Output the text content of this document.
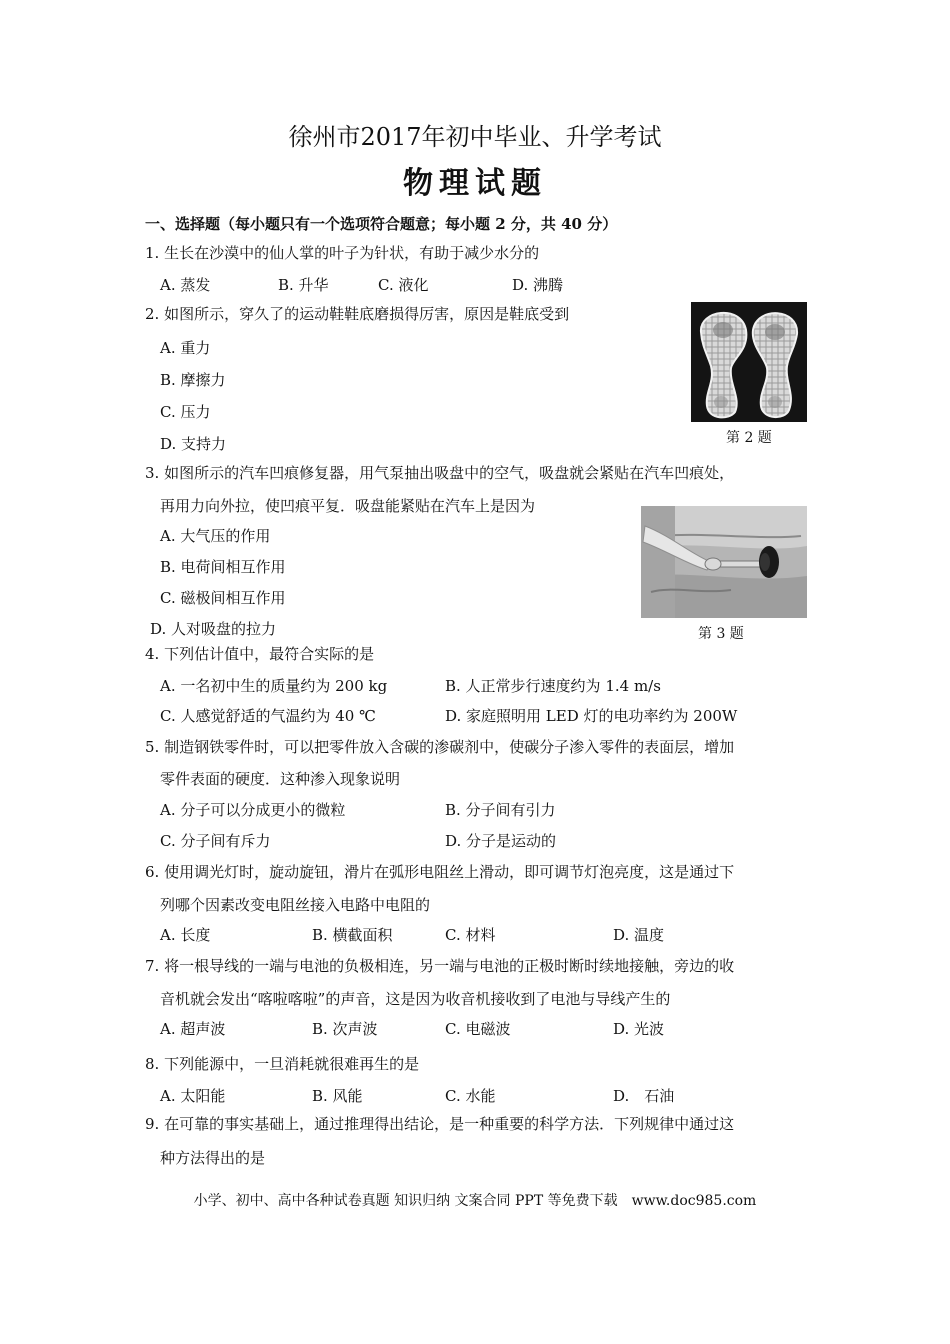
徐州市2017年初中毕业、升学考试
物理试题
一、选择题（每小题只有一个选项符合题意；每小题 2 分，共 40 分）
1. 生长在沙漠中的仙人掌的叶子为针状，有助于减少水分的
A. 蒸发	B. 升华	C. 液化	D. 沸腾
2. 如图所示，穿久了的运动鞋鞋底磨损得厉害，原因是鞋底受到
A. 重力
B. 摩擦力
C. 压力
D. 支持力	第 2 题
3. 如图所示的汽车凹痕修复器，用气泵抽出吸盘中的空气，吸盘就会紧贴在汽车凹痕处，
再用力向外拉，使凹痕平复．吸盘能紧贴在汽车上是因为
A. 大气压的作用
B. 电荷间相互作用
C. 磁极间相互作用
D. 人对吸盘的拉力	第 3 题
4. 下列估计值中，最符合实际的是
A. 一名初中生的质量约为 200 kg	B. 人正常步行速度约为 1.4 m/s
C. 人感觉舒适的气温约为 40 ℃	D. 家庭照明用 LED 灯的电功率约为 200W
5. 制造钢铁零件时，可以把零件放入含碳的渗碳剂中，使碳分子渗入零件的表面层，增加
零件表面的硬度．这种渗入现象说明
A. 分子可以分成更小的微粒	B. 分子间有引力
C. 分子间有斥力	D. 分子是运动的
6. 使用调光灯时，旋动旋钮，滑片在弧形电阻丝上滑动，即可调节灯泡亮度，这是通过下
列哪个因素改变电阻丝接入电路中电阻的
A. 长度	B. 横截面积	C. 材料	D. 温度
7. 将一根导线的一端与电池的负极相连，另一端与电池的正极时断时续地接触，旁边的收
音机就会发出“喀啦喀啦”的声音，这是因为收音机接收到了电池与导线产生的
A. 超声波	B. 次声波	C. 电磁波	D. 光波
8. 下列能源中，一旦消耗就很难再生的是
A. 太阳能	B. 风能	C. 水能	D.　石油
9. 在可靠的事实基础上，通过推理得出结论，是一种重要的科学方法．下列规律中通过这
种方法得出的是
小学、初中、高中各种试卷真题 知识归纳 文案合同 PPT 等免费下载　www.doc985.com
